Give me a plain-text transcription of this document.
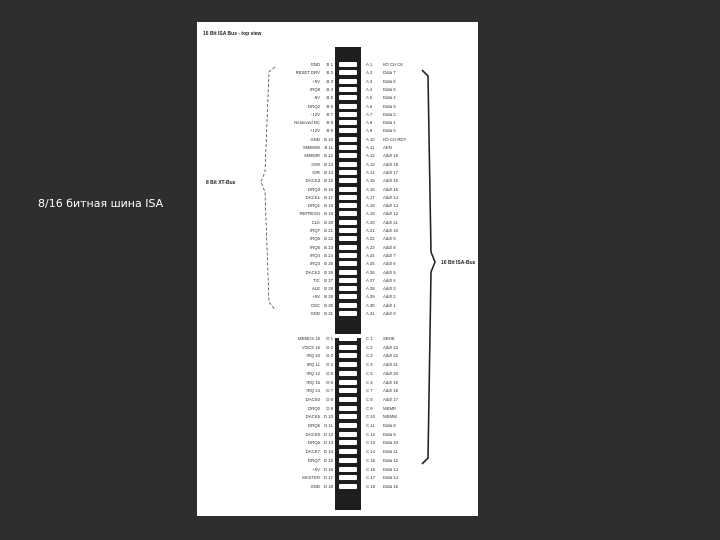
8/16 битная шина ISA
16 Bit ISA Bus - top view
8 Bit XT-Bus
16 Bit ISA-Bus
GND B 1	A 1	I/O CH CK
RESET DRV B 2	A 2	Data 7
+5V B 3	A 3	Data 6
IRQ9 B 4	A 4	Data 5
-5V B 5	A 5	Data 4
DRQ2 B 6	A 6	Data 3
-12V B 7	A 7	Data 2
Reserved NC B 8	A 8	Data 1
+12V B 9	A 9	Data 0
GND B 10	A 10 I/O CH RDY
SMEMW B 11	A 11 AEN
SMEMR B 12	A 12 Addr 19
IOW B 13	A 13 Addr 18
IOR B 14	A 14 Addr 17
DACK3 B 15	A 15 Addr 16
DRQ3 B 16	A 16 Addr 15
DACK1 B 17	A 17 Addr 14
DRQ1 B 18	A 18 Addr 13
REFRESH B 19	A 19 Addr 12
CLK B 20	A 20 Addr 11
IRQ7 B 21	A 21 Addr 10
IRQ6 B 22	A 22 Addr 9
IRQ5 B 23	A 23 Addr 8
IRQ4 B 24	A 24 Addr 7
IRQ3 B 25	A 25 Addr 6
DACK2 B 26	A 26 Addr 5
T/C B 27	A 27 Addr 4
ALE B 28	A 28 Addr 3
+5V B 29	A 29 Addr 2
OSC B 30	A 30 Addr 1
GND B 31	A 31 Addr 0
MEMCS 16 D 1	C 1 SBHE
I/OCS 16 D 2	C 2 Addr 23
IRQ 10 D 3	C 3 Addr 22
IRQ 11 D 4	C 4 Addr 21
IRQ 12 D 5	C 5 Addr 20
IRQ 15 D 6	C 6 Addr 19
IRQ 14 D 7	C 7 Addr 18
DACK0 D 8	C 8 Addr 17
DRQ0 D 9	C 9 MEMR
DACK5 D 10	C 10 MEMW
DRQ5 D 11	C 11 Data 8
DACK6 D 12	C 12 Data 9
DRQ6 D 13	C 13 Data 10
DACK7 D 14	C 14 Data 11
DRQ7 D 15	C 15 Data 12
+5V D 16	C 16 Data 13
MASTER D 17	C 17 Data 14
GND D 18	C 18 Data 15
